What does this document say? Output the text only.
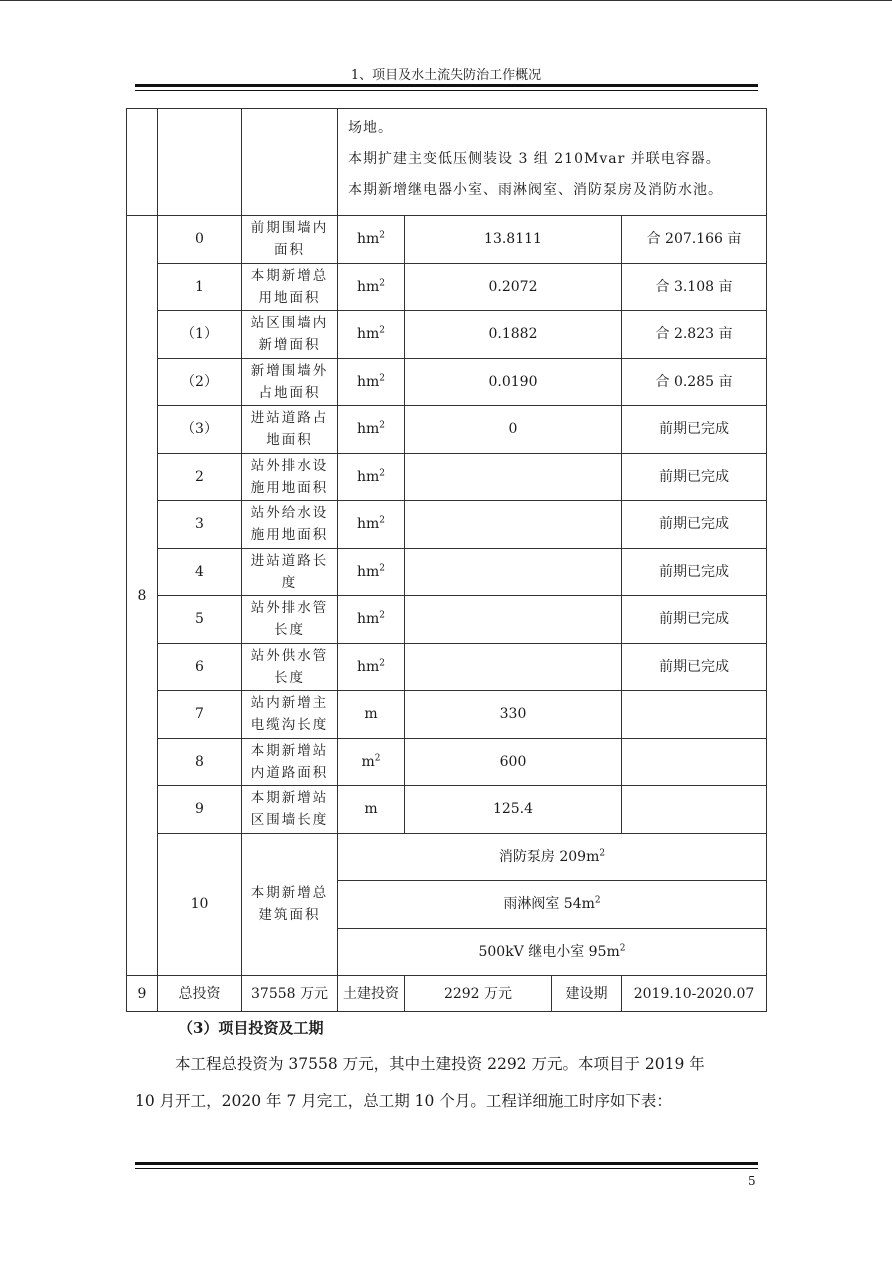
1、项目及水土流失防治工作概况

			场地。

本期扩建主变低压侧装设 3 组 210Mvar 并联电容器。

本期新增继电器小室、雨淋阀室、消防泵房及消防水池。			

8	0	前期围墙内
面积	$hm^2$	13.8111		合 207.166 亩
	1	本期新增总
用地面积	$hm^2$	0.2072		合 3.108 亩
	（1）	站区围墙内
新增面积	$hm^2$	0.1882		合 2.823 亩
	（2）	新增围墙外
占地面积	$hm^2$	0.0190		合 0.285 亩
	（3）	进站道路占
地面积	$hm^2$	0		前期已完成
	2	站外排水设
施用地面积	$hm^2$			前期已完成
	3	站外给水设
施用地面积	$hm^2$			前期已完成
	4	进站道路长
度	$hm^2$			前期已完成
	5	站外排水管
长度	$hm^2$			前期已完成
	6	站外供水管
长度	$hm^2$			前期已完成
	7	站内新增主
电缆沟长度	m	330		
	8	本期新增站
内道路面积	$m^2$	600		
	9	本期新增站
区围墙长度	m	125.4		
	10	本期新增总
建筑面积	消防泵房 $209m^2$
			雨淋阀室 $54m^2$
			500kV 继电小室 $95m^2$
9	总投资	37558 万元	土建投资	2292 万元	建设期	2019.10-2020.07
（3）项目投资及工期
本工程总投资为 37558 万元，其中土建投资 2292 万元。本项目于 2019 年
10 月开工，2020 年 7 月完工，总工期 10 个月。工程详细施工时序如下表：
5
